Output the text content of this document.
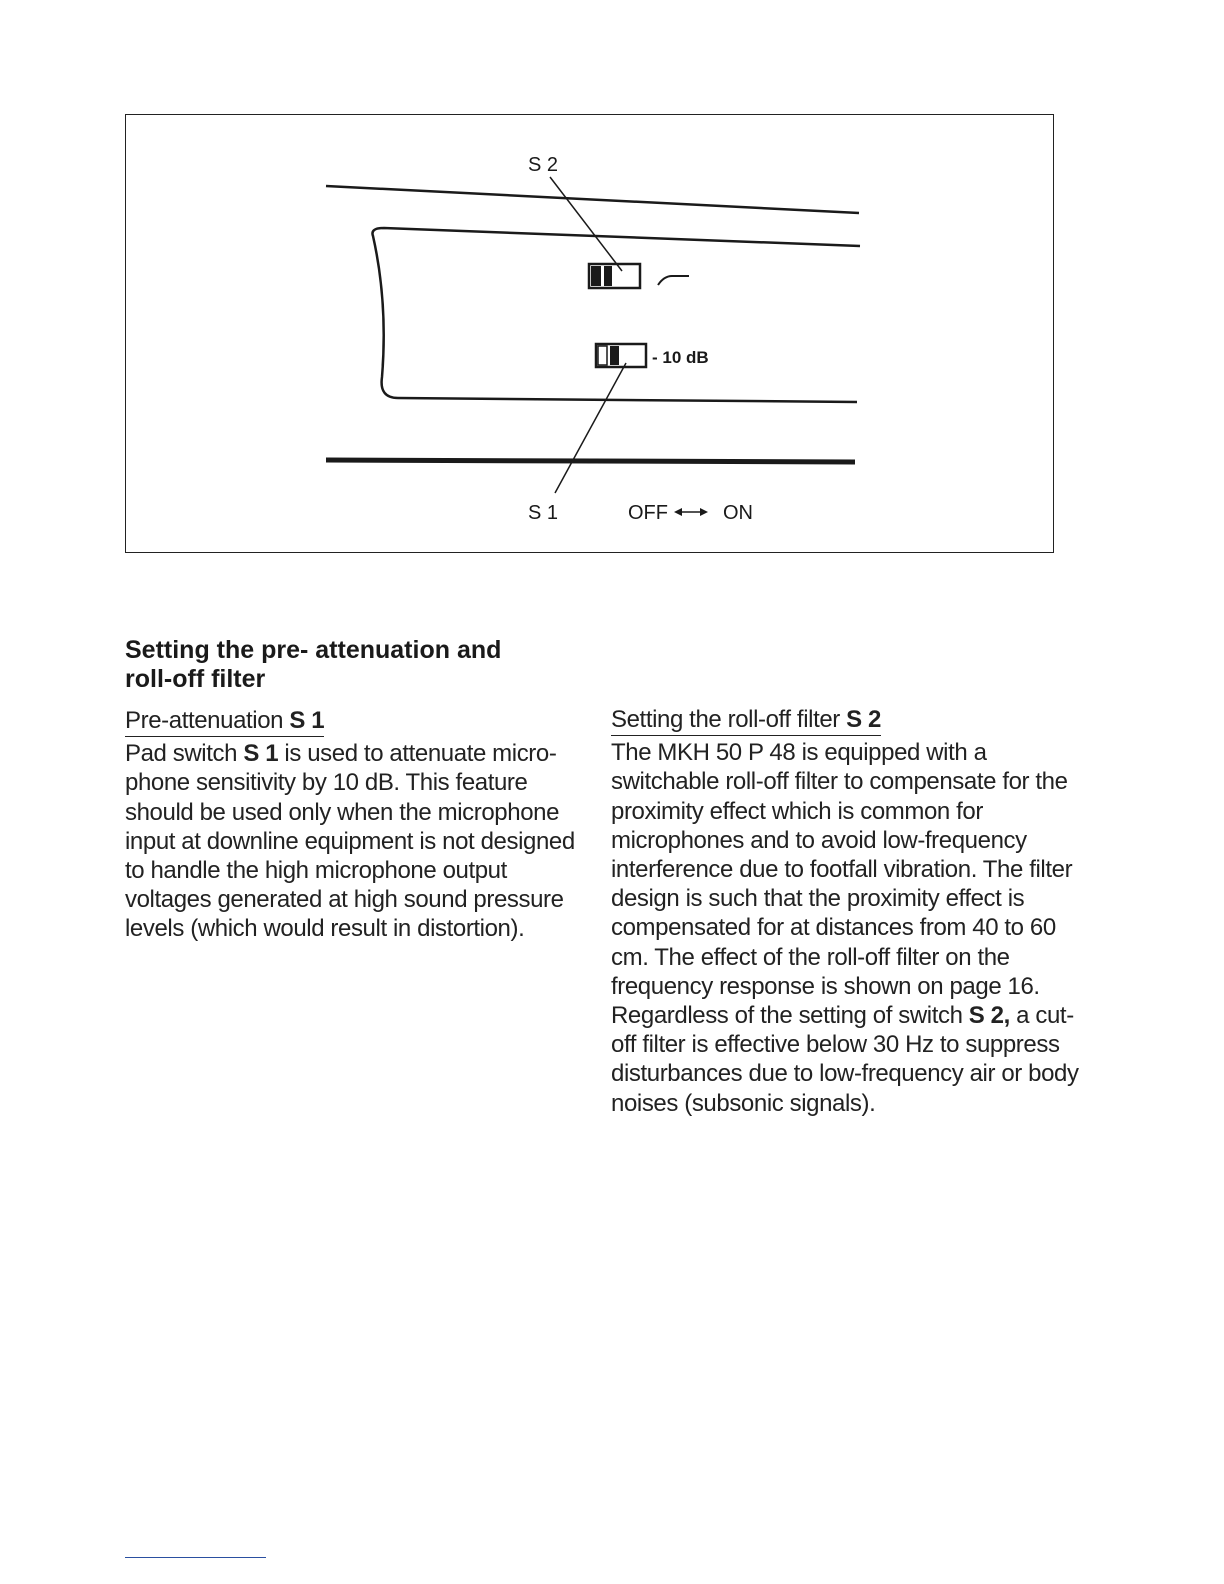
- 10 dB
S 2
S 1	OFF	ON
Setting the pre- attenuation and
roll-off filter
Pre-attenuation S 1

Pad switch S 1 is used to attenuate microphone sensitivity by 10 dB. This feature should be used only when the microphone input at downline equipment is not designed to handle the high microphone output voltages generated at high sound pressure levels (which would result in distortion).

Setting the roll-off filter S 2

The MKH 50 P 48 is equipped with a switchable roll-off filter to compensate for the proximity effect which is common for microphones and to avoid low-frequency interference due to footfall vibration. The filter design is such that the proximity effect is compensated for at distances from 40 to 60 cm. The effect of the roll-off filter on the frequency response is shown on page 16. Regardless of the setting of switch S 2, a cut-off filter is effective below 30 Hz to suppress disturbances due to low-frequency air or body noises (subsonic signals).
